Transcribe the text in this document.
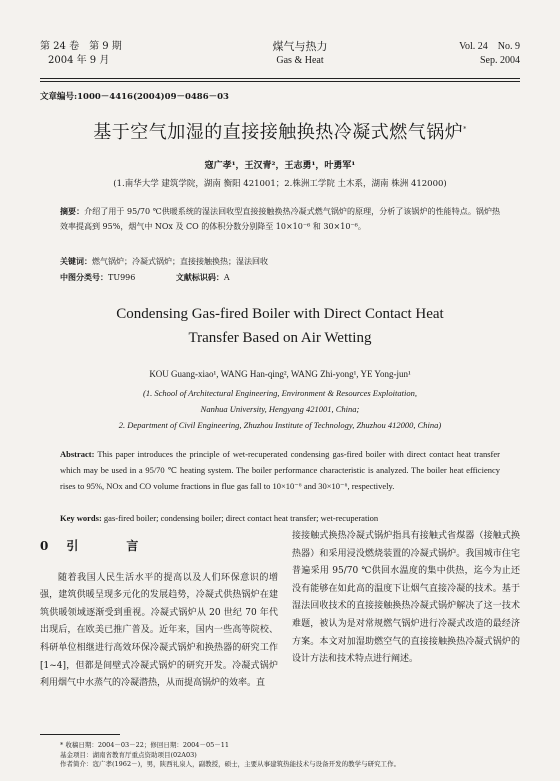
第 24 卷　第 9 期
2004 年 9 月
煤气与热力
Gas & Heat
Vol. 24　No. 9
Sep. 2004
文章编号:1000－4416(2004)09－0486－03
基于空气加湿的直接接触换热冷凝式燃气锅炉*
寇广孝¹，王汉青²，王志勇¹，叶勇军¹
(1.南华大学 建筑学院，湖南 衡阳 421001；2.株洲工学院 土木系，湖南 株洲 412000)
摘要：介绍了用于 95/70 ℃供暖系统的湿法回收型直接接触换热冷凝式燃气锅炉的原理，分析了该锅炉的性能特点。锅炉热效率提高到 95%，烟气中 NOx 及 CO 的体积分数分别降至 10×10⁻⁶ 和 30×10⁻⁶。
关键词：燃气锅炉；冷凝式锅炉；直接接触换热；湿法回收
中图分类号：TU996	文献标识码：A
Condensing Gas-fired Boiler with Direct Contact Heat
Transfer Based on Air Wetting
KOU Guang-xiao¹, WANG Han-qing², WANG Zhi-yong¹, YE Yong-jun¹
(1. School of Architectural Engineering, Environment & Resources Exploitation,
Nanhua University, Hengyang 421001, China;
2. Department of Civil Engineering, Zhuzhou Institute of Technology, Zhuzhou 412000, China)
Abstract: This paper introduces the principle of wet-recuperated condensing gas-fired boiler with direct contact heat transfer which may be used in a 95/70 ℃ heating system. The boiler performance characteristic is analyzed. The boiler heat efficiency rises to 95%, NOx and CO volume fractions in flue gas fall to 10×10⁻⁶ and 30×10⁻⁶, respectively.
Key words: gas-fired boiler; condensing boiler; direct contact heat transfer; wet-recuperation
0引　言
随着我国人民生活水平的提高以及人们环保意识的增强，建筑供暖呈现多元化的发展趋势，冷凝式供热锅炉在建筑供暖领域逐渐受到重视。冷凝式锅炉从 20 世纪 70 年代出现后，在欧美已推广普及。近年来，国内一些高等院校、科研单位相继进行高效环保冷凝式锅炉和换热器的研究工作[1~4]，但都是间壁式冷凝式锅炉的研究开发。冷凝式锅炉利用烟气中水蒸气的冷凝潜热，从而提高锅炉的效率。直
接接触式换热冷凝式锅炉指具有接触式省煤器（接触式换热器）和采用浸没燃烧装置的冷凝式锅炉。我国城市住宅普遍采用 95/70 ℃供回水温度的集中供热，迄今为止还没有能够在如此高的温度下让烟气直接冷凝的技术。基于湿法回收技术的直接接触换热冷凝式锅炉解决了这一技术难题，被认为是对常规燃气锅炉进行冷凝式改造的最经济方案。本文对加湿助燃空气的直接接触换热冷凝式锅炉的设计方法和技术特点进行阐述。
* 收稿日期：2004－03－22；修回日期：2004－05－11
基金项目：湖南省教育厅重点资助项目(02A03)
作者简介：寇广孝(1962－)，男，陕西礼泉人，副教授，硕士，主要从事建筑热能技术与设备开发的教学与研究工作。
